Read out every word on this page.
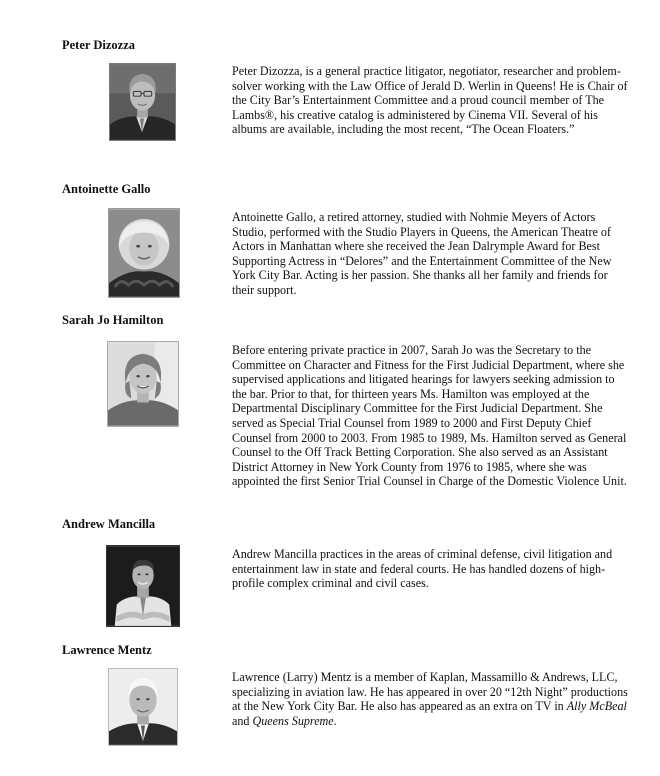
Peter Dizozza

Peter Dizozza, is a general practice litigator, negotiator, researcher and problem-solver working with the Law Office of Jerald D. Werlin in Queens! He is Chair of the City Bar’s Entertainment Committee and a proud council member of The Lambs®, his creative catalog is administered by Cinema VII. Several of his albums are available, including the most recent, “The Ocean Floaters.”

Antoinette Gallo

Antoinette Gallo, a retired attorney, studied with Nohmie Meyers of Actors Studio, performed with the Studio Players in Queens, the American Theatre of Actors in Manhattan where she received the Jean Dalrymple Award for Best Supporting Actress in “Delores” and the Entertainment Committee of the New York City Bar. Acting is her passion. She thanks all her family and friends for their support.

Sarah Jo Hamilton

Before entering private practice in 2007, Sarah Jo was the Secretary to the Committee on Character and Fitness for the First Judicial Department, where she supervised applications and litigated hearings for lawyers seeking admission to the bar. Prior to that, for thirteen years Ms. Hamilton was employed at the Departmental Disciplinary Committee for the First Judicial Department. She served as Special Trial Counsel from 1989 to 2000 and First Deputy Chief Counsel from 2000 to 2003. From 1985 to 1989, Ms. Hamilton served as General Counsel to the Off Track Betting Corporation. She also served as an Assistant District Attorney in New York County from 1976 to 1985, where she was appointed the first Senior Trial Counsel in Charge of the Domestic Violence Unit.

Andrew Mancilla

Andrew Mancilla practices in the areas of criminal defense, civil litigation and entertainment law in state and federal courts. He has handled dozens of high-profile complex criminal and civil cases.

Lawrence Mentz

Lawrence (Larry) Mentz is a member of Kaplan, Massamillo & Andrews, LLC, specializing in aviation law. He has appeared in over 20 “12th Night” productions at the New York City Bar. He also has appeared as an extra on TV in Ally McBeal and Queens Supreme.
